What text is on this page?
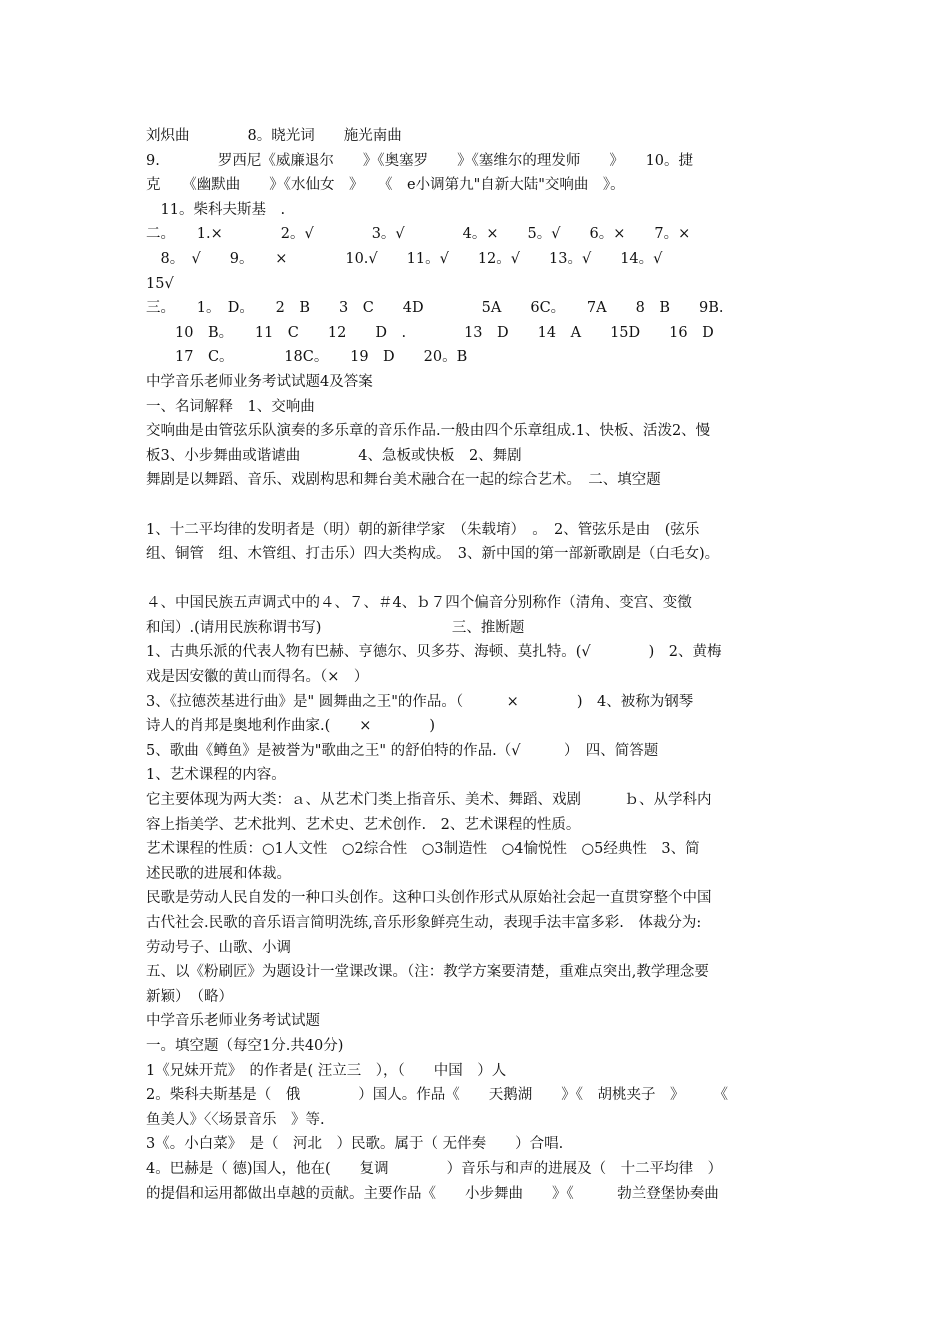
刘炽曲　　　　8。晓光词　　施光南曲
9.　　　　罗西尼《威廉退尔　　》《奥塞罗　　》《塞维尔的理发师　　》　　10。捷
克　　《幽默曲　　》《水仙女　》　　《　e小调第九"自新大陆"交响曲　》。
　11。柴科夫斯基　.
二。　　1.×　　　　2。√　　　　3。√　　　　4。×　　5。√　　6。×　　7。×
　8。　√　　9。　　×　　　　10.√　　11。√　　12。√　　13。√　　14。√
15√
三。　　1。　D。　　2　B　　3　C　　4D　　　　5A　　6C。　　7A　　8　B　　9B.
　　10　B。　　11　C　　12　　D　.　　　　13　D　　14　A　　15D　　16　D
　　17　C。　　　　18C。　　19　D　　20。B
中学音乐老师业务考试试题4及答案
一、名词解释　1、交响曲
交响曲是由管弦乐队演奏的多乐章的音乐作品.一般由四个乐章组成.1、快板、活泼2、慢
板3、小步舞曲或谐谑曲　　　　4、急板或快板　2、舞剧
舞剧是以舞蹈、音乐、戏剧构思和舞台美术融合在一起的综合艺术。　二、填空题
1、十二平均律的发明者是（明）朝的新律学家　（朱载堉）　。　2、管弦乐是由　(弦乐
组、铜管　组、木管组、打击乐）四大类构成。　3、新中国的第一部新歌剧是（白毛女)。
４、中国民族五声调式中的４、７、＃4、ｂ７四个偏音分别称作（清角、变宫、变徵
和闰）.(请用民族称谓书写)　　　　　　　　　三、推断题
1、古典乐派的代表人物有巴赫、亨德尔、贝多芬、海顿、莫扎特。(√　　　　)　2、黄梅
戏是因安徽的黄山而得名。（×　）
3、《拉德茨基进行曲》是" 圆舞曲之王"的作品。（　　　×　　　　)　4、被称为钢琴
诗人的肖邦是奥地利作曲家.(　　×　　　　)
5、歌曲《鳟鱼》是被誉为"歌曲之王" 的舒伯特的作品.（√　　　）　四、简答题
1、艺术课程的内容。
它主要体现为两大类：ａ、从艺术门类上指音乐、美术、舞蹈、戏剧　　　ｂ、从学科内
容上指美学、艺术批判、艺术史、艺术创作.　2、艺术课程的性质。
艺术课程的性质：○1人文性　○2综合性　○3制造性　○4愉悦性　○5经典性　3、简
述民歌的进展和体裁。
民歌是劳动人民自发的一种口头创作。这种口头创作形式从原始社会起一直贯穿整个中国
古代社会.民歌的音乐语言简明洗练,音乐形象鲜亮生动，表现手法丰富多彩.　体裁分为:
劳动号子、山歌、小调
五、以《粉刷匠》为题设计一堂课改课。（注：教学方案要清楚，重难点突出,教学理念要
新颖）　（略）
中学音乐老师业务考试试题
一。填空题（每空1分.共40分)
1《兄妹开荒》　的作者是( 汪立三　），（　　中国　）人
2。柴科夫斯基是（　俄　　　　）国人。作品《　　天鹅湖　　》《　胡桃夹子　》　　　《
鱼美人》〈〈场景音乐　》等.
3《。小白菜》　是（　河北　）民歌。属于（ 无伴奏　　）合唱.
4。巴赫是（ 德)国人，他在(　　复调　　　　）音乐与和声的进展及（　十二平均律　）
的提倡和运用都做出卓越的贡献。主要作品《　　小步舞曲　　》《　　　勃兰登堡协奏曲
